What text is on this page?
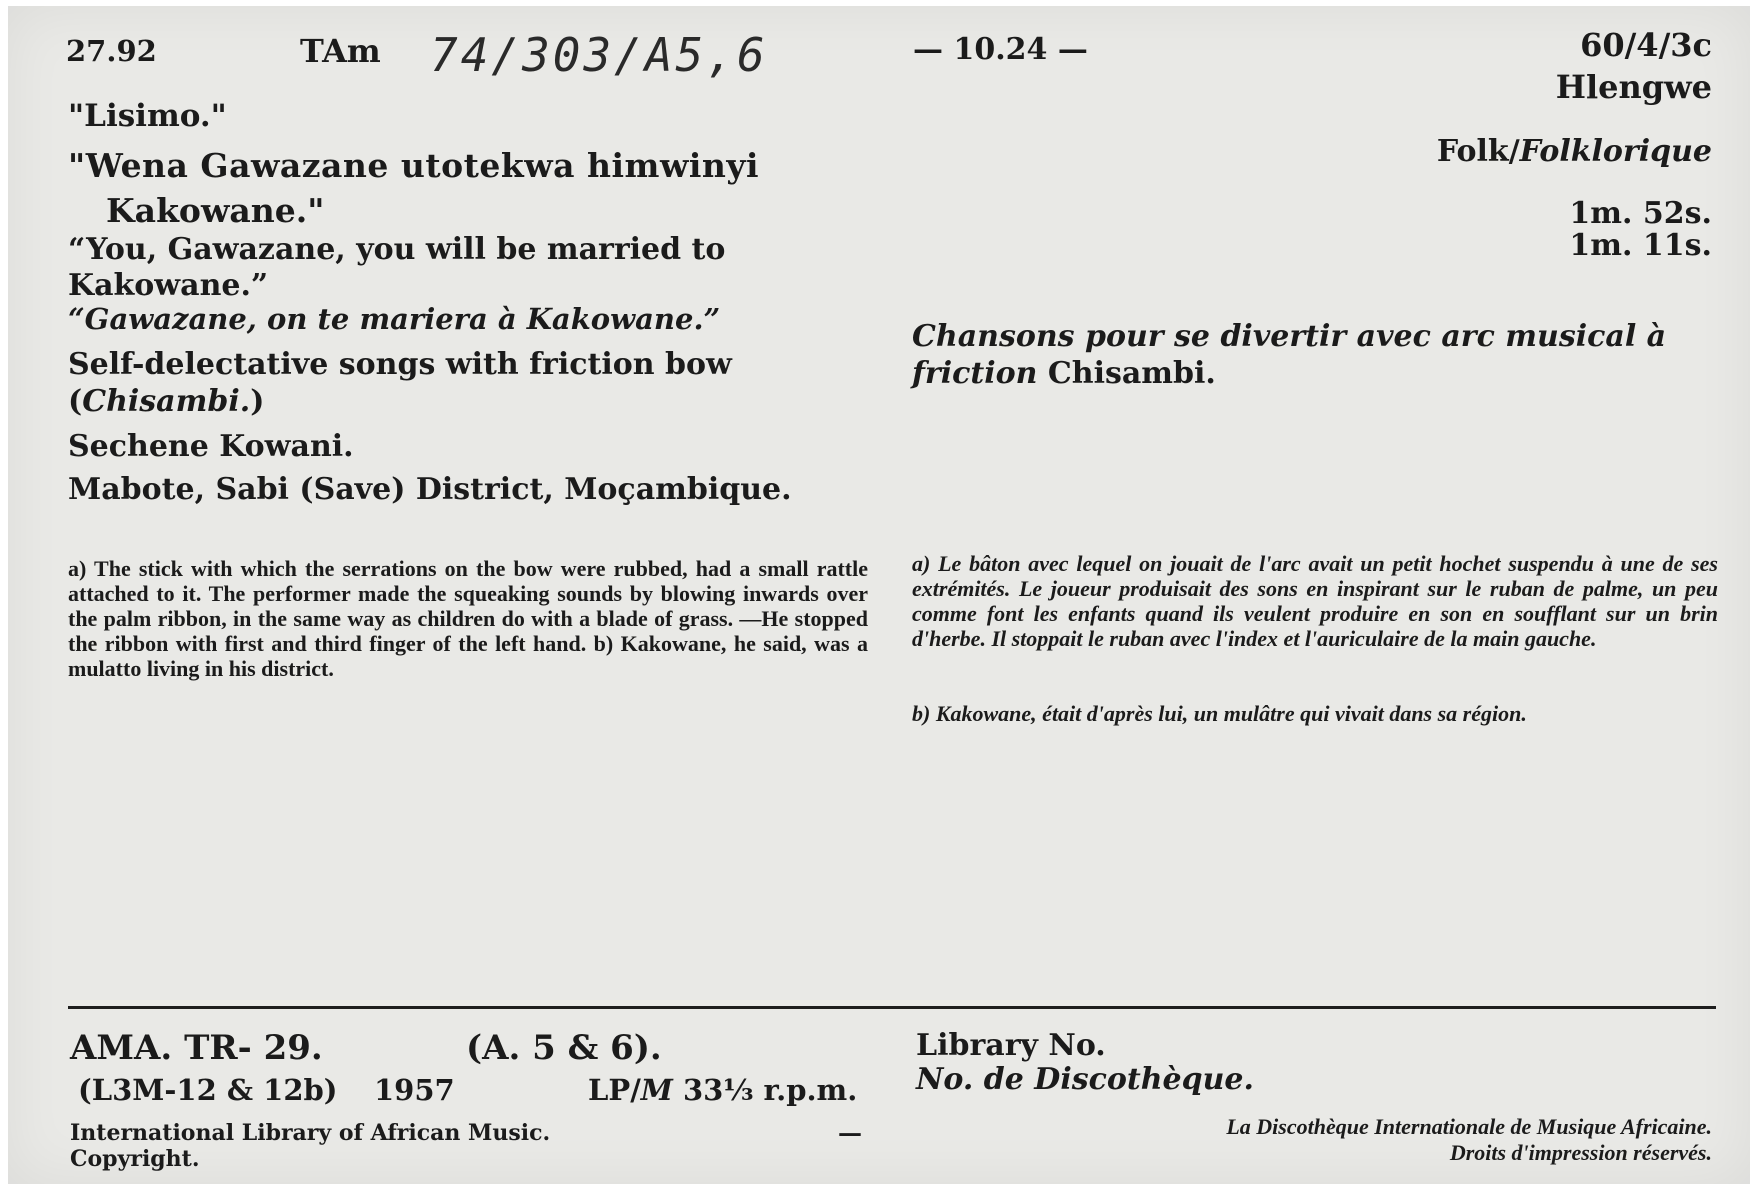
27.92	TAm 74/303/A5,6	— 10.24 —	60/4/3c
Hlengwe
"Lisimo."
"Wena Gawazane utotekwa himwinyi
Kakowane."
Folk/Folklorique
1m. 52s.
1m. 11s.
“You, Gawazane, you will be married to Kakowane.”
“Gawazane, on te mariera à Kakowane.”
Self-delectative songs with friction bow (Chisambi.)
Chansons pour se divertir avec arc musical à friction Chisambi.
Sechene Kowani.
Mabote, Sabi (Save) District, Moçambique.
a) The stick with which the serrations on the bow were rubbed, had a small rattle attached to it. The performer made the squeaking sounds by blowing inwards over the palm ribbon, in the same way as children do with a blade of grass. —He stopped the ribbon with first and third finger of the left hand. b) Kakowane, he said, was a mulatto living in his district.
a) Le bâton avec lequel on jouait de l'arc avait un petit hochet suspendu à une de ses extrémités. Le joueur produisait des sons en inspirant sur le ruban de palme, un peu comme font les enfants quand ils veulent produire en son en soufflant sur un brin d'herbe. Il stoppait le ruban avec l'index et l'auriculaire de la main gauche.
b) Kakowane, était d'après lui, un mulâtre qui vivait dans sa région.
AMA. TR- 29.	(A. 5 & 6).
(L3M-12 & 12b) 1957	LP/M 33⅓ r.p.m.
International Library of African Music.
Copyright.
—
Library No.
No. de Discothèque.
La Discothèque Internationale de Musique Africaine.
Droits d'impression réservés.
